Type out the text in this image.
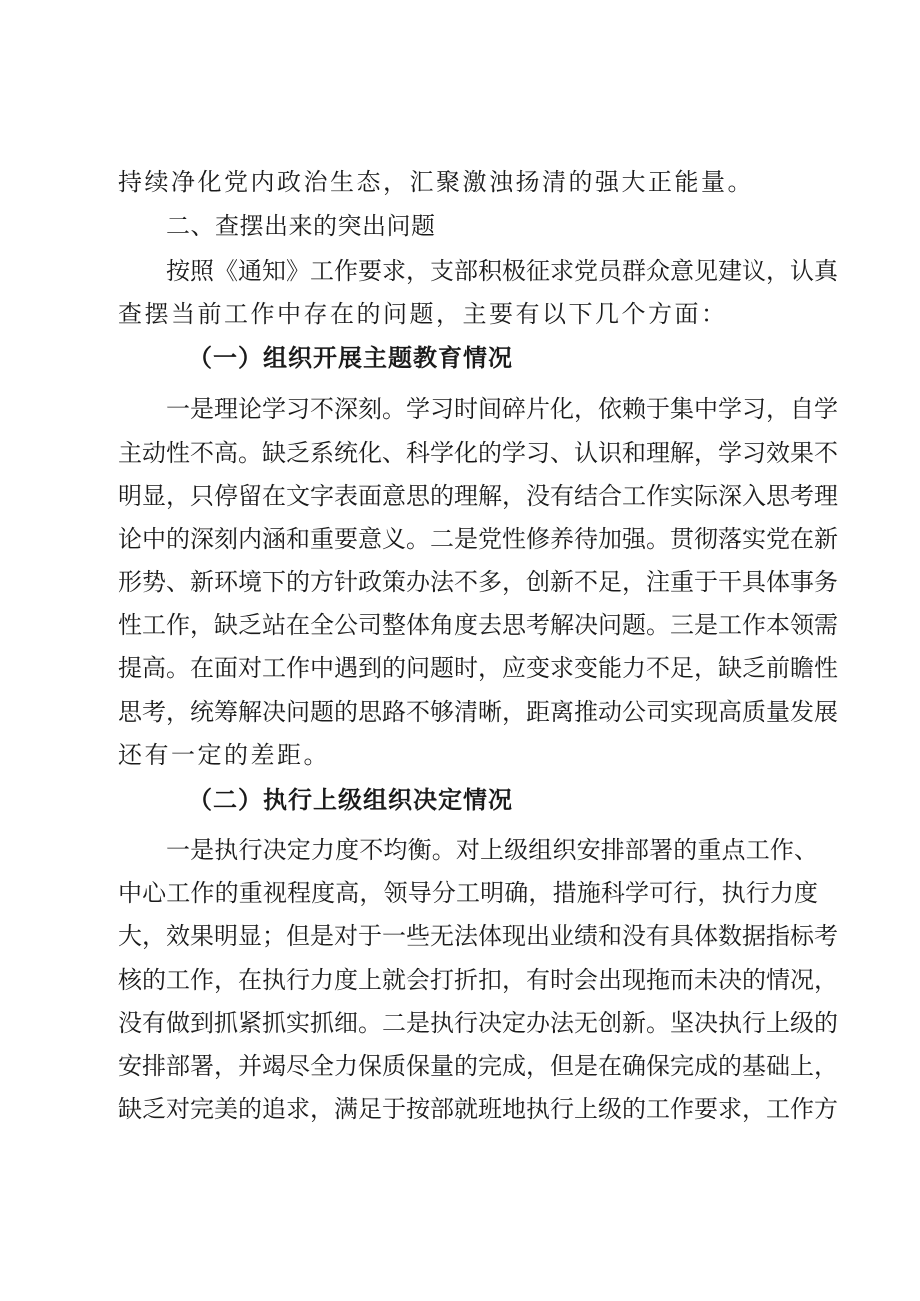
持续净化党内政治生态，汇聚激浊扬清的强大正能量。
二、查摆出来的突出问题
按照《通知》工作要求，支部积极征求党员群众意见建议，认真
查摆当前工作中存在的问题，主要有以下几个方面：
（一）组织开展主题教育情况
一是理论学习不深刻。学习时间碎片化，依赖于集中学习，自学
主动性不高。缺乏系统化、科学化的学习、认识和理解，学习效果不
明显，只停留在文字表面意思的理解，没有结合工作实际深入思考理
论中的深刻内涵和重要意义。二是党性修养待加强。贯彻落实党在新
形势、新环境下的方针政策办法不多，创新不足，注重于干具体事务
性工作，缺乏站在全公司整体角度去思考解决问题。三是工作本领需
提高。在面对工作中遇到的问题时，应变求变能力不足，缺乏前瞻性
思考，统筹解决问题的思路不够清晰，距离推动公司实现高质量发展
还有一定的差距。
（二）执行上级组织决定情况
一是执行决定力度不均衡。对上级组织安排部署的重点工作、
中心工作的重视程度高，领导分工明确，措施科学可行，执行力度
大，效果明显；但是对于一些无法体现出业绩和没有具体数据指标考
核的工作，在执行力度上就会打折扣，有时会出现拖而未决的情况，
没有做到抓紧抓实抓细。二是执行决定办法无创新。坚决执行上级的
安排部署，并竭尽全力保质保量的完成，但是在确保完成的基础上，
缺乏对完美的追求，满足于按部就班地执行上级的工作要求，工作方
